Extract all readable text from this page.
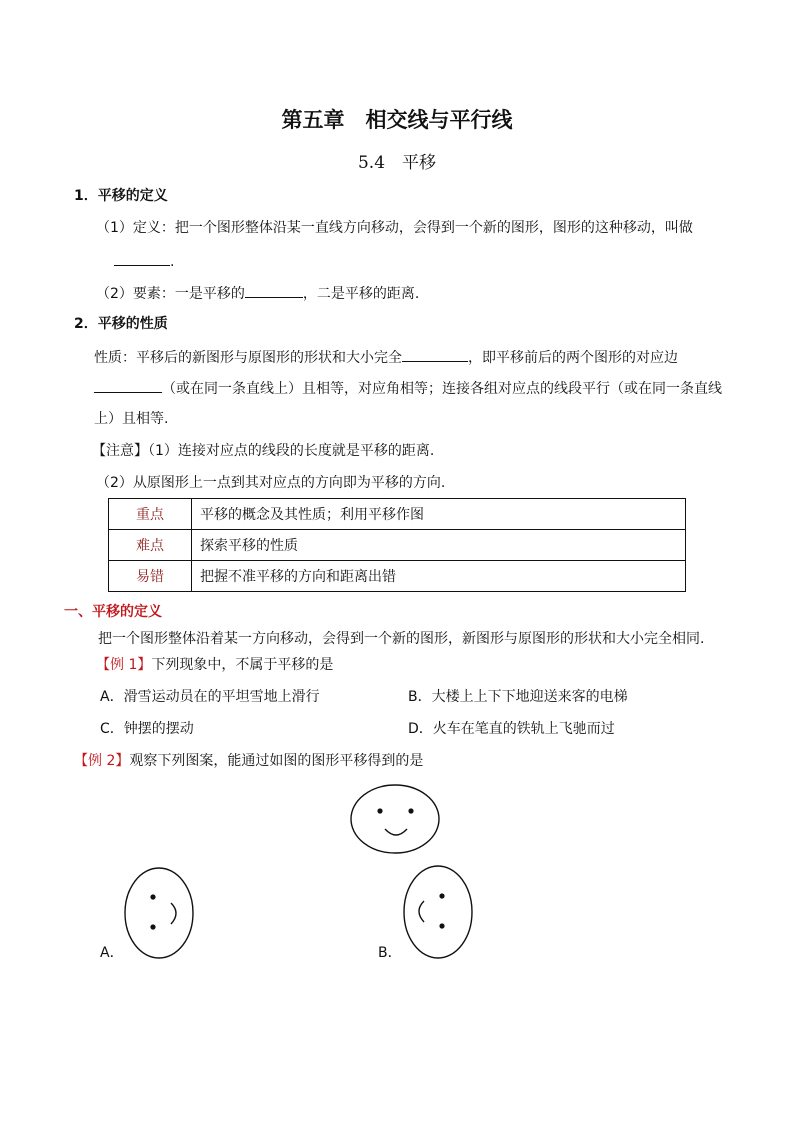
第五章　相交线与平行线
5.4　平移
1．平移的定义
（1）定义：把一个图形整体沿某一直线方向移动，会得到一个新的图形，图形的这种移动，叫做
.
（2）要素：一是平移的	，二是平移的距离.
2．平移的性质
性质：平移后的新图形与原图形的形状和大小完全	，即平移前后的两个图形的对应边
（或在同一条直线上）且相等，对应角相等；连接各组对应点的线段平行（或在同一条直线
上）且相等.
【注意】（1）连接对应点的线段的长度就是平移的距离.
（2）从原图形上一点到其对应点的方向即为平移的方向.
重点	平移的概念及其性质；利用平移作图
难点	探索平移的性质
易错	把握不准平移的方向和距离出错
一、平移的定义
把一个图形整体沿着某一方向移动，会得到一个新的图形，新图形与原图形的形状和大小完全相同.
【例 1】下列现象中，不属于平移的是
A．滑雪运动员在的平坦雪地上滑行	B．大楼上上下下地迎送来客的电梯
C．钟摆的摆动	D．火车在笔直的铁轨上飞驰而过
【例 2】观察下列图案，能通过如图的图形平移得到的是
A．	B．
